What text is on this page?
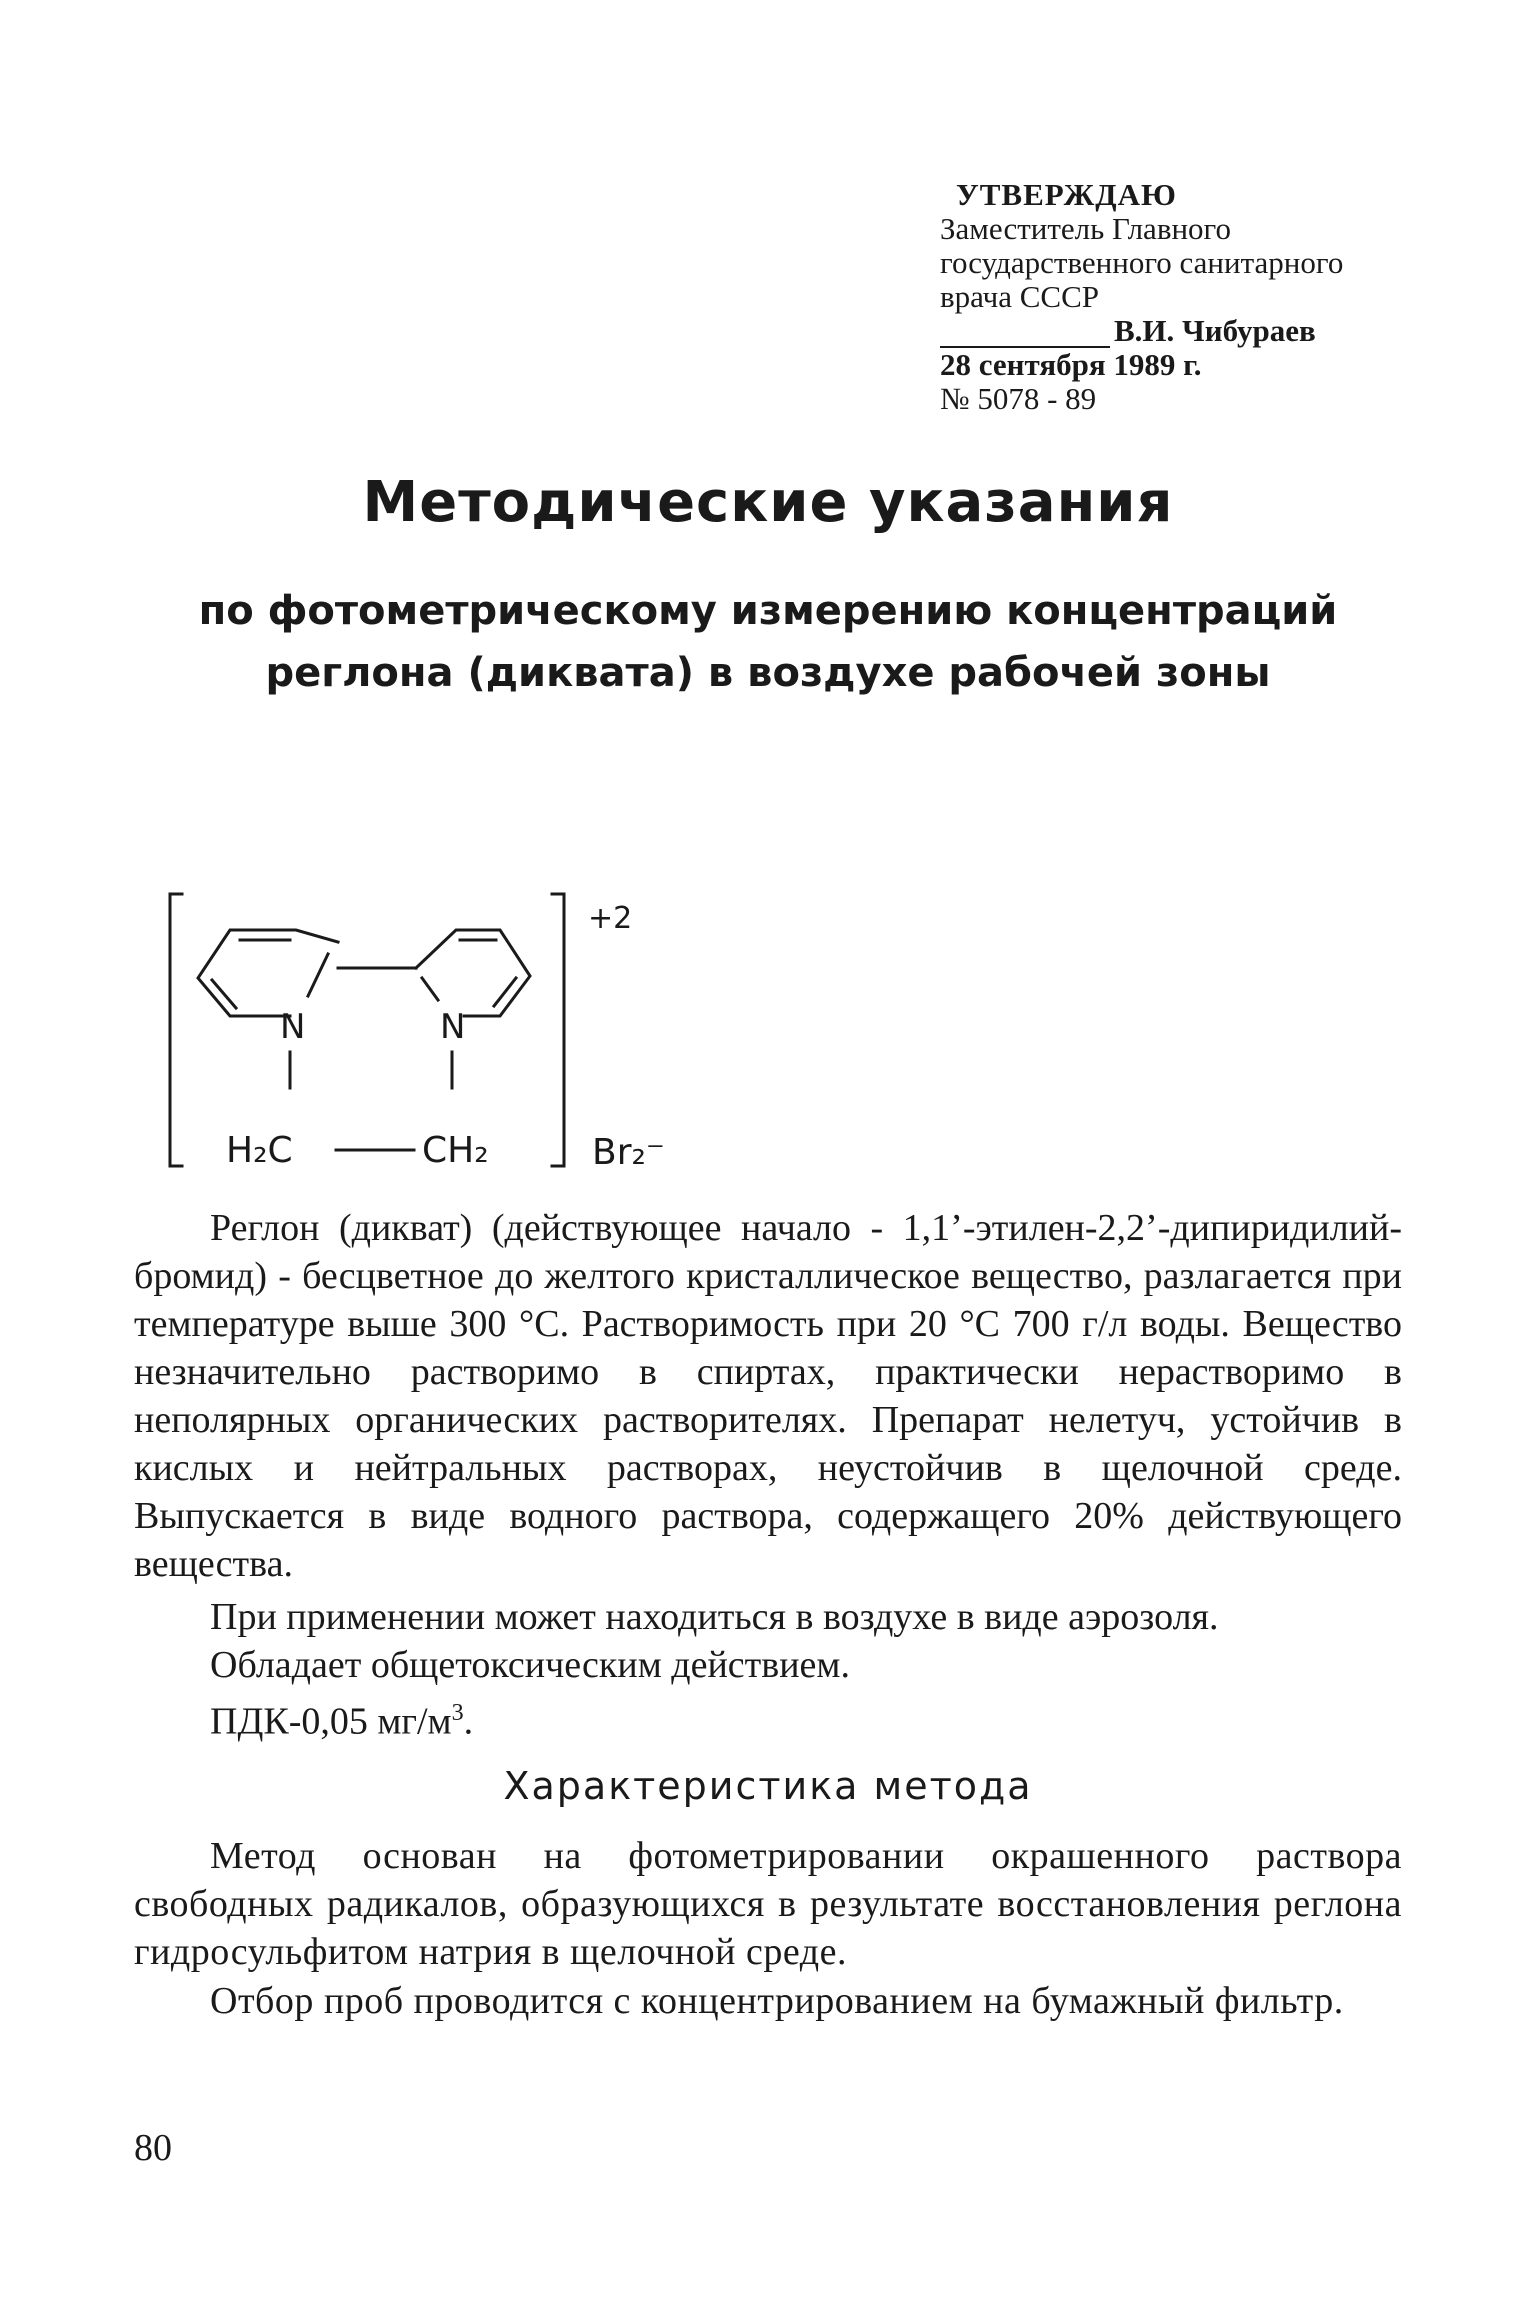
УТВЕРЖДАЮ
Заместитель Главного
государственного санитарного
врача СССР
В.И. Чибураев
28 сентября 1989 г.
№ 5078 - 89
Методические указания
по фотометрическому измерению концентраций
реглона (диквата) в воздухе рабочей зоны
N	N
H₂C	CH₂
+2
Br₂⁻
Реглон (дикват) (действующее начало - 1,1’-этилен-2,2’-дипиридилий-бромид) - бесцветное до желтого кристаллическое вещество, разлагается при температуре выше 300 °С. Растворимость при 20 °С 700 г/л воды. Вещество незначительно растворимо в спиртах, практически нерастворимо в неполярных органических растворителях. Препарат нелетуч, устойчив в кислых и нейтральных растворах, неустойчив в щелочной среде. Выпускается в виде водного раствора, содержащего 20% действующего вещества.
При применении может находиться в воздухе в виде аэрозоля.
Обладает общетоксическим действием.
ПДК-0,05 $мг/м^3$.
Характеристика метода
Метод основан на фотометрировании окрашенного раствора свободных радикалов, образующихся в результате восстановления реглона гидросульфитом натрия в щелочной среде.
Отбор проб проводится с концентрированием на бумажный фильтр.
80
